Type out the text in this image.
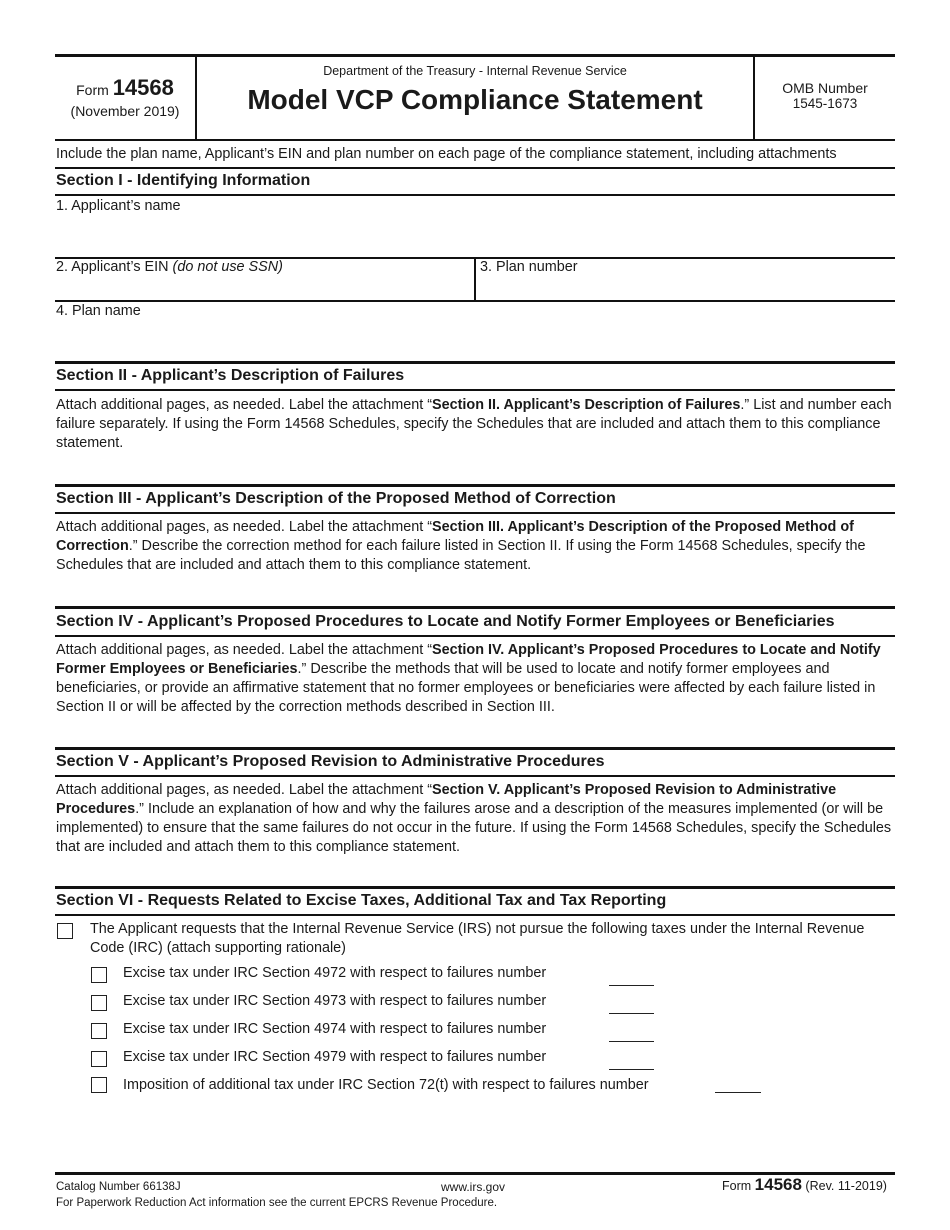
Form 14568
(November 2019)
Department of the Treasury - Internal Revenue Service
Model VCP Compliance Statement	OMB Number
1545-1673
Include the plan name, Applicant’s EIN and plan number on each page of the compliance statement, including attachments
Section I - Identifying Information
1. Applicant’s name
2. Applicant’s EIN (do not use SSN)	3. Plan number
4. Plan name
Section II - Applicant’s Description of Failures
Attach additional pages, as needed. Label the attachment “Section II. Applicant’s Description of Failures.” List and number each failure separately. If using the Form 14568 Schedules, specify the Schedules that are included and attach them to this compliance statement.
Section III - Applicant’s Description of the Proposed Method of Correction
Attach additional pages, as needed. Label the attachment “Section III. Applicant’s Description of the Proposed Method of Correction.” Describe the correction method for each failure listed in Section II. If using the Form 14568 Schedules, specify the Schedules that are included and attach them to this compliance statement.
Section IV - Applicant’s Proposed Procedures to Locate and Notify Former Employees or Beneficiaries
Attach additional pages, as needed. Label the attachment “Section IV. Applicant’s Proposed Procedures to Locate and Notify Former Employees or Beneficiaries.” Describe the methods that will be used to locate and notify former employees and beneficiaries, or provide an affirmative statement that no former employees or beneficiaries were affected by each failure listed in Section II or will be affected by the correction methods described in Section III.
Section V - Applicant’s Proposed Revision to Administrative Procedures
Attach additional pages, as needed. Label the attachment “Section V. Applicant’s Proposed Revision to Administrative Procedures.” Include an explanation of how and why the failures arose and a description of the measures implemented (or will be implemented) to ensure that the same failures do not occur in the future. If using the Form 14568 Schedules, specify the Schedules that are included and attach them to this compliance statement.
Section VI - Requests Related to Excise Taxes, Additional Tax and Tax Reporting
The Applicant requests that the Internal Revenue Service (IRS) not pursue the following taxes under the Internal Revenue Code (IRC) (attach supporting rationale)
Excise tax under IRC Section 4972 with respect to failures number
Excise tax under IRC Section 4973 with respect to failures number
Excise tax under IRC Section 4974 with respect to failures number
Excise tax under IRC Section 4979 with respect to failures number
Imposition of additional tax under IRC Section 72(t) with respect to failures number
Catalog Number 66138J	www.irs.gov	Form 14568 (Rev. 11-2019)
For Paperwork Reduction Act information see the current EPCRS Revenue Procedure.
